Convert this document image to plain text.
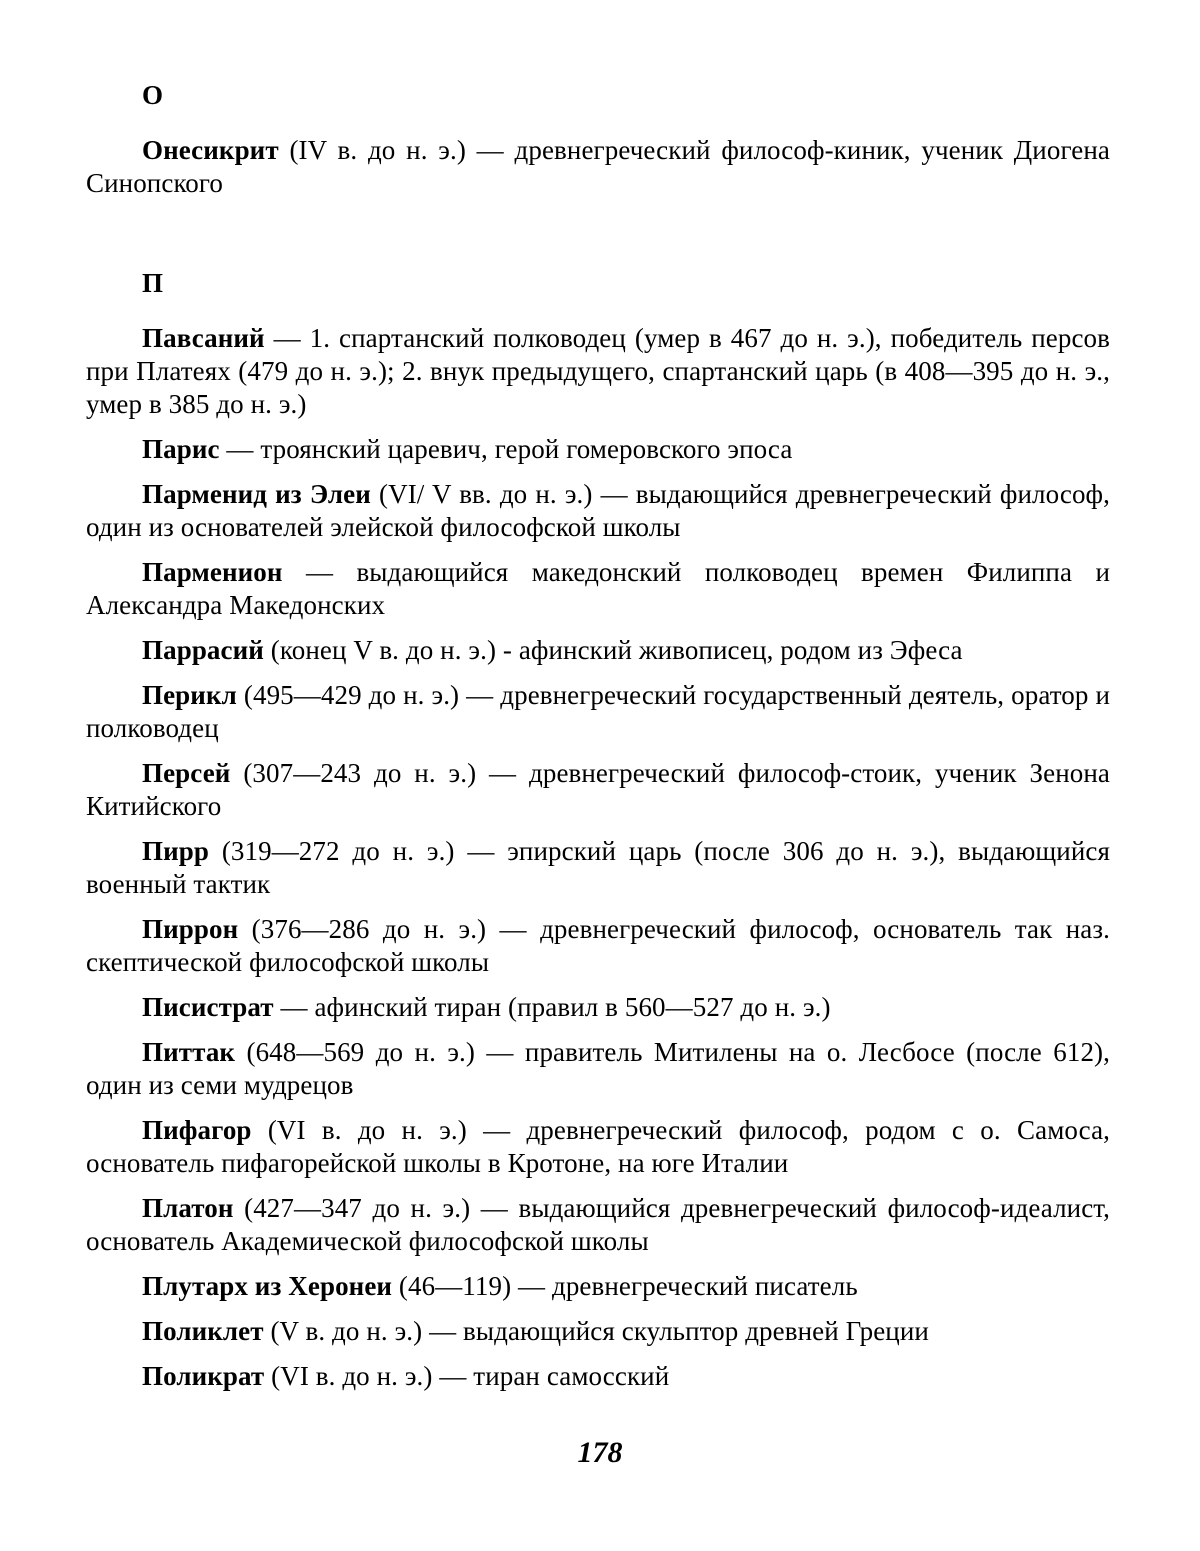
О

Онесикрит (IV в. до н. э.) — древнегреческий философ-киник, ученик Диогена Синопского

П

Павсаний — 1. спартанский полководец (умер в 467 до н. э.), победитель персов при Платеях (479 до н. э.); 2. внук предыдущего, спартанский царь (в 408—395 до н. э., умер в 385 до н. э.)

Парис — троянский царевич, герой гомеровского эпоса

Парменид из Элеи (VI/ V вв. до н. э.) — выдающийся древнегреческий философ, один из основателей элейской философской школы

Парменион — выдающийся македонский полководец времен Филиппа и Александра Македонских

Паррасий (конец V в. до н. э.) - афинский живописец, родом из Эфеса

Перикл (495—429 до н. э.) — древнегреческий государственный деятель, оратор и полководец

Персей (307—243 до н. э.) — древнегреческий философ-стоик, ученик Зенона Китийского

Пирр (319—272 до н. э.) — эпирский царь (после 306 до н. э.), выдающийся военный тактик

Пиррон (376—286 до н. э.) — древнегреческий философ, основатель так наз. скептической философской школы

Писистрат — афинский тиран (правил в 560—527 до н. э.)

Питтак (648—569 до н. э.) — правитель Митилены на о. Лесбосе (после 612), один из семи мудрецов

Пифагор (VI в. до н. э.) — древнегреческий философ, родом с о. Самоса, основатель пифагорейской школы в Кротоне, на юге Италии

Платон (427—347 до н. э.) — выдающийся древнегреческий философ-идеалист, основатель Академической философской школы

Плутарх из Херонеи (46—119) — древнегреческий писатель

Поликлет (V в. до н. э.) — выдающийся скульптор древней Греции

Поликрат (VI в. до н. э.) — тиран самосский

178
